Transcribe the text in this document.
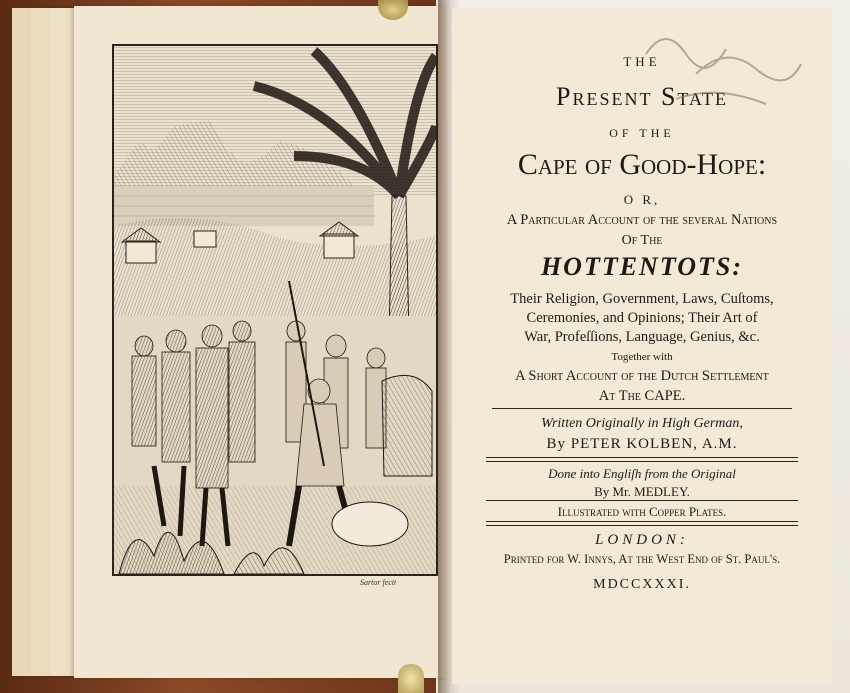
Sartor fecit
THE
Present State
OF THE
Cape of Good-Hope:
O R,
A Particular Account of the ſeveral Nations
Of The
HOTTENTOTS:
Their Religion, Government, Laws, Cuſtoms,
Ceremonies, and Opinions; Their Art of
War, Profeſſions, Language, Genius, &c.
Together with
A Short Account of the Dutch Settlement
At The CAPE.
Written Originally in High German,
By PETER KOLBEN, A.M.
Done into Engliſh from the Original
By Mr. MEDLEY.
Illuſtrated with Copper Plates.
LONDON:
Printed for W. Innys, At the Weſt End of St. Paul's.
MDCCXXXI.
